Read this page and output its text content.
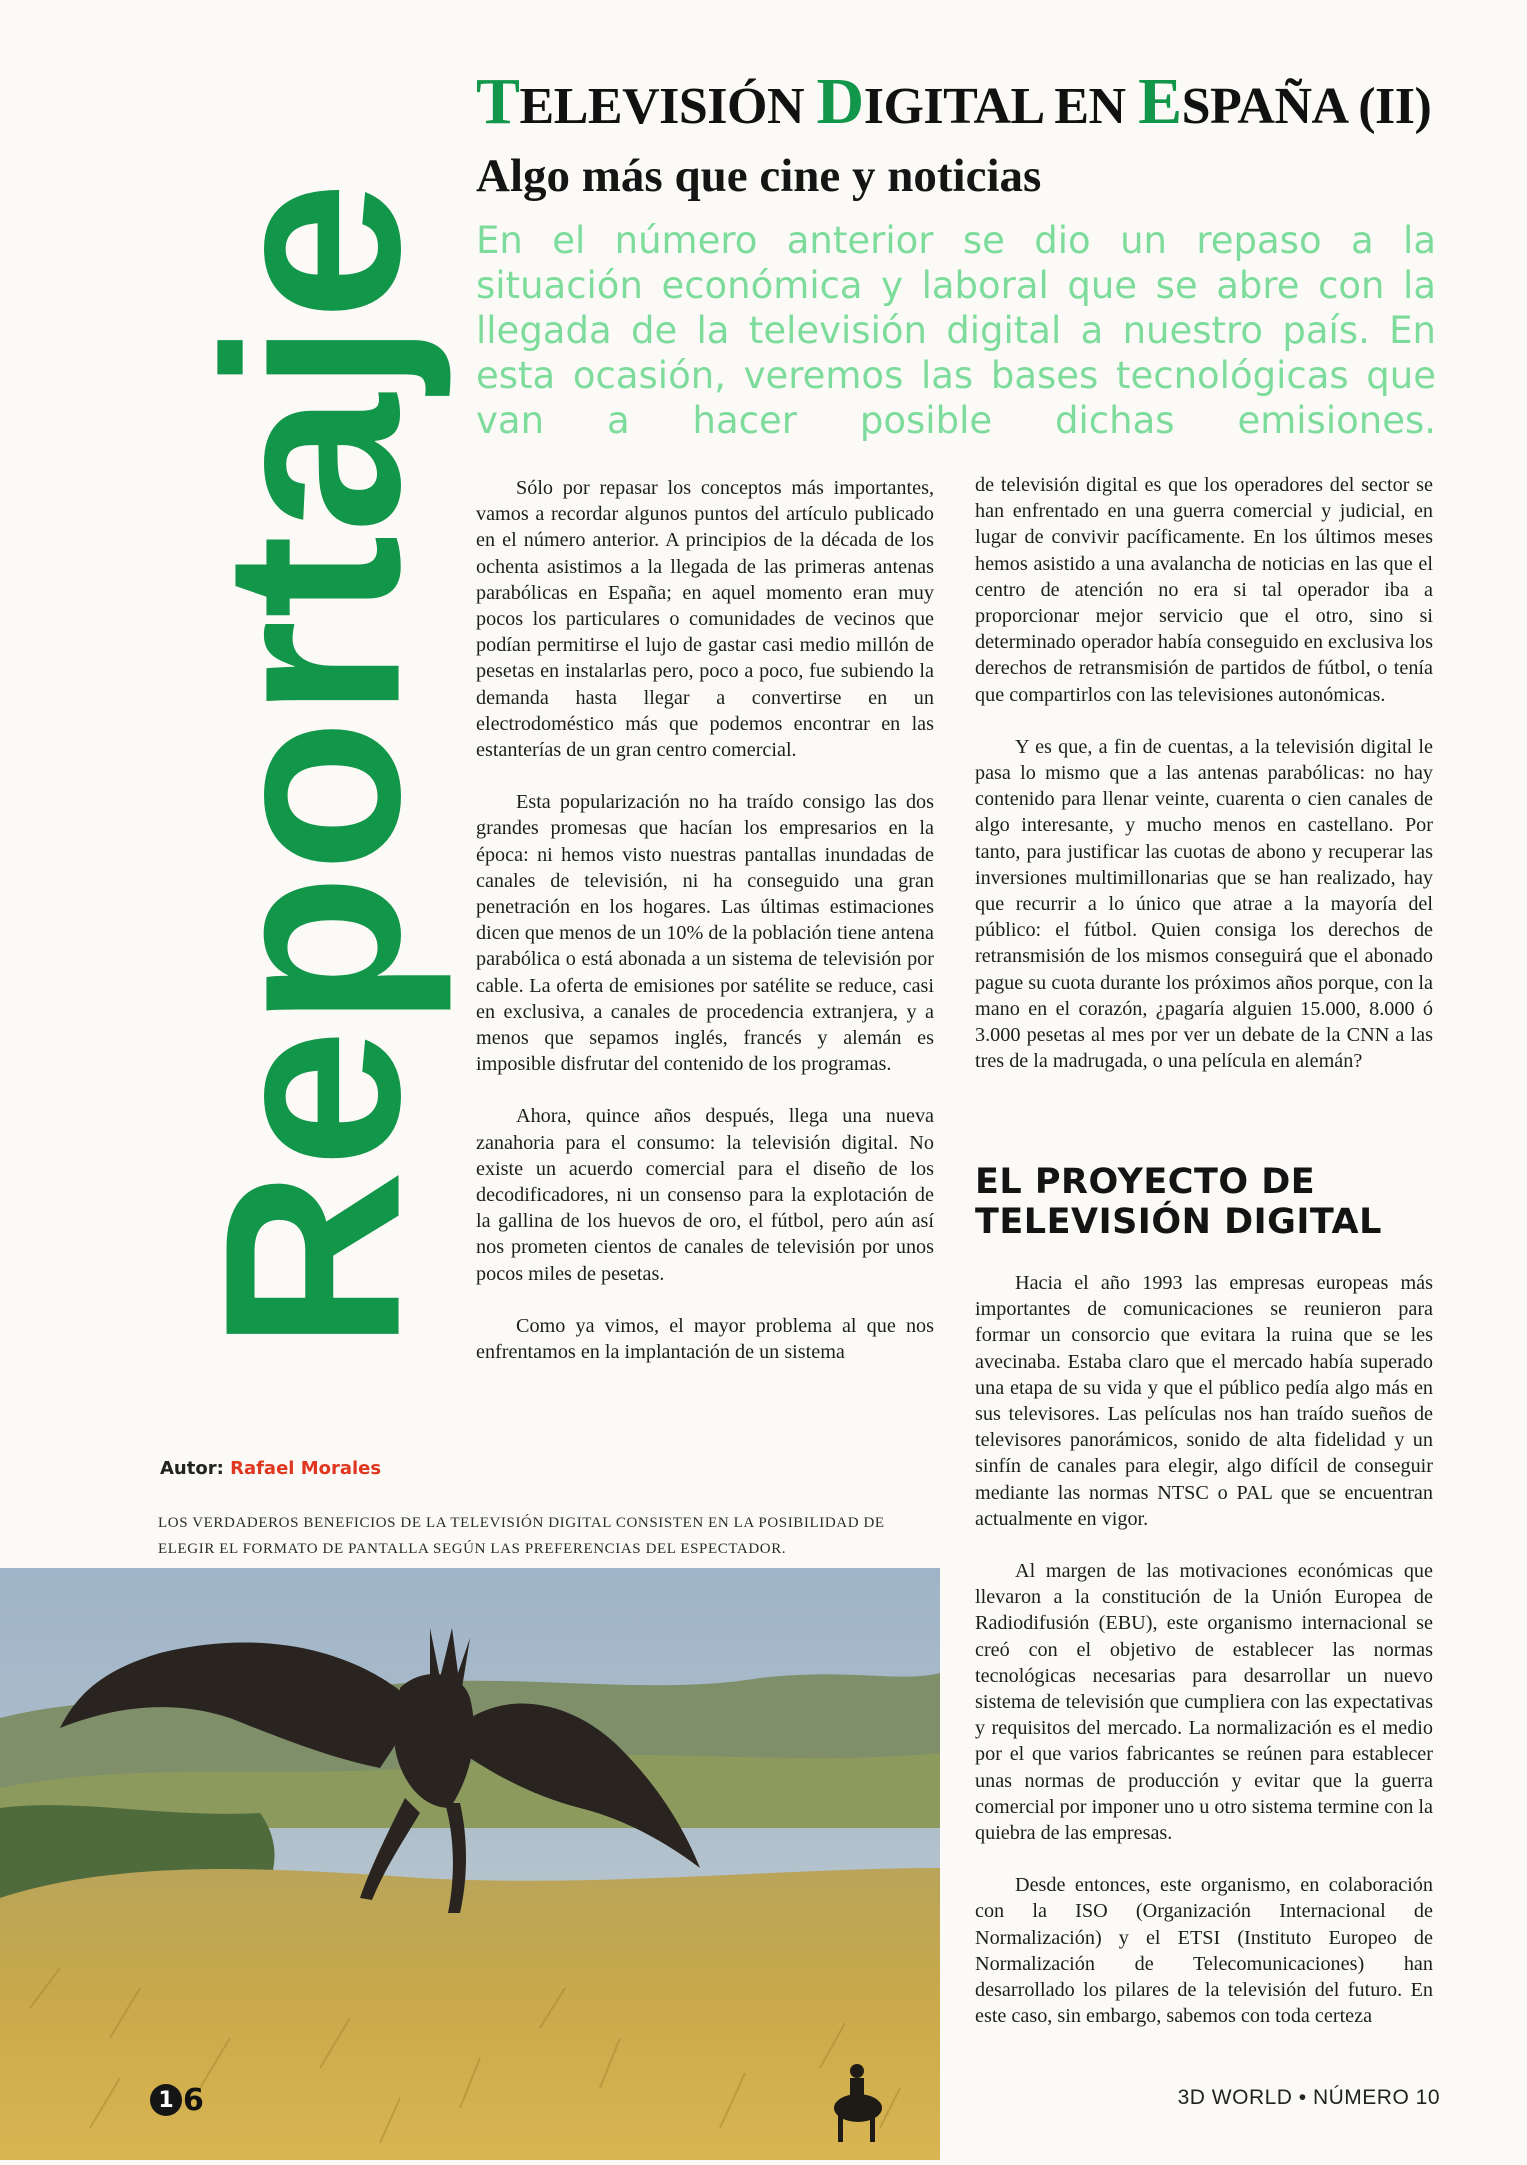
Reportaje
TELEVISIÓN DIGITAL EN ESPAÑA (II)
Algo más que cine y noticias
En el número anterior se dio un repaso a la situación económica y laboral que se abre con la llegada de la televisión digital a nuestro país. En esta ocasión, veremos las bases tecnológicas que van a hacer posible dichas emisiones.

Sólo por repasar los conceptos más importantes, vamos a recordar algunos puntos del artículo publicado en el número anterior. A principios de la década de los ochenta asistimos a la llegada de las primeras antenas parabólicas en España; en aquel momento eran muy pocos los particulares o comunidades de vecinos que podían permitirse el lujo de gastar casi medio millón de pesetas en instalarlas pero, poco a poco, fue subiendo la demanda hasta llegar a convertirse en un electrodoméstico más que podemos encontrar en las estanterías de un gran centro comercial.

Esta popularización no ha traído consigo las dos grandes promesas que hacían los empresarios en la época: ni hemos visto nuestras pantallas inundadas de canales de televisión, ni ha conseguido una gran penetración en los hogares. Las últimas estimaciones dicen que menos de un 10% de la población tiene antena parabólica o está abonada a un sistema de televisión por cable. La oferta de emisiones por satélite se reduce, casi en exclusiva, a canales de procedencia extranjera, y a menos que sepamos inglés, francés y alemán es imposible disfrutar del contenido de los programas.

Ahora, quince años después, llega una nueva zanahoria para el consumo: la televisión digital. No existe un acuerdo comercial para el diseño de los decodificadores, ni un consenso para la explotación de la gallina de los huevos de oro, el fútbol, pero aún así nos prometen cientos de canales de televisión por unos pocos miles de pesetas.

Como ya vimos, el mayor problema al que nos enfrentamos en la implantación de un sistema

de televisión digital es que los operadores del sector se han enfrentado en una guerra comercial y judicial, en lugar de convivir pacíficamente. En los últimos meses hemos asistido a una avalancha de noticias en las que el centro de atención no era si tal operador iba a proporcionar mejor servicio que el otro, sino si determinado operador había conseguido en exclusiva los derechos de retransmisión de partidos de fútbol, o tenía que compartirlos con las televisiones autonómicas.

Y es que, a fin de cuentas, a la televisión digital le pasa lo mismo que a las antenas parabólicas: no hay contenido para llenar veinte, cuarenta o cien canales de algo interesante, y mucho menos en castellano. Por tanto, para justificar las cuotas de abono y recuperar las inversiones multimillonarias que se han realizado, hay que recurrir a lo único que atrae a la mayoría del público: el fútbol. Quien consiga los derechos de retransmisión de los mismos conseguirá que el abonado pague su cuota durante los próximos años porque, con la mano en el corazón, ¿pagaría alguien 15.000, 8.000 ó 3.000 pesetas al mes por ver un debate de la CNN a las tres de la madrugada, o una película en alemán?

EL PROYECTO DE TELEVISIÓN DIGITAL

Hacia el año 1993 las empresas europeas más importantes de comunicaciones se reunieron para formar un consorcio que evitara la ruina que se les avecinaba. Estaba claro que el mercado había superado una etapa de su vida y que el público pedía algo más en sus televisores. Las películas nos han traído sueños de televisores panorámicos, sonido de alta fidelidad y un sinfín de canales para elegir, algo difícil de conseguir mediante las normas NTSC o PAL que se encuentran actualmente en vigor.

Al margen de las motivaciones económicas que llevaron a la constitución de la Unión Europea de Radiodifusión (EBU), este organismo internacional se creó con el objetivo de establecer las normas tecnológicas necesarias para desarrollar un nuevo sistema de televisión que cumpliera con las expectativas y requisitos del mercado. La normalización es el medio por el que varios fabricantes se reúnen para establecer unas normas de producción y evitar que la guerra comercial por imponer uno u otro sistema termine con la quiebra de las empresas.

Desde entonces, este organismo, en colaboración con la ISO (Organización Internacional de Normalización) y el ETSI (Instituto Europeo de Normalización de Telecomunicaciones) han desarrollado los pilares de la televisión del futuro. En este caso, sin embargo, sabemos con toda certeza

Autor: Rafael Morales
LOS VERDADEROS BENEFICIOS DE LA TELEVISIÓN DIGITAL CONSISTEN EN LA POSIBILIDAD DE ELEGIR EL FORMATO DE PANTALLA SEGÚN LAS PREFERENCIAS DEL ESPECTADOR.
1 6	3D WORLD • NÚMERO 10
